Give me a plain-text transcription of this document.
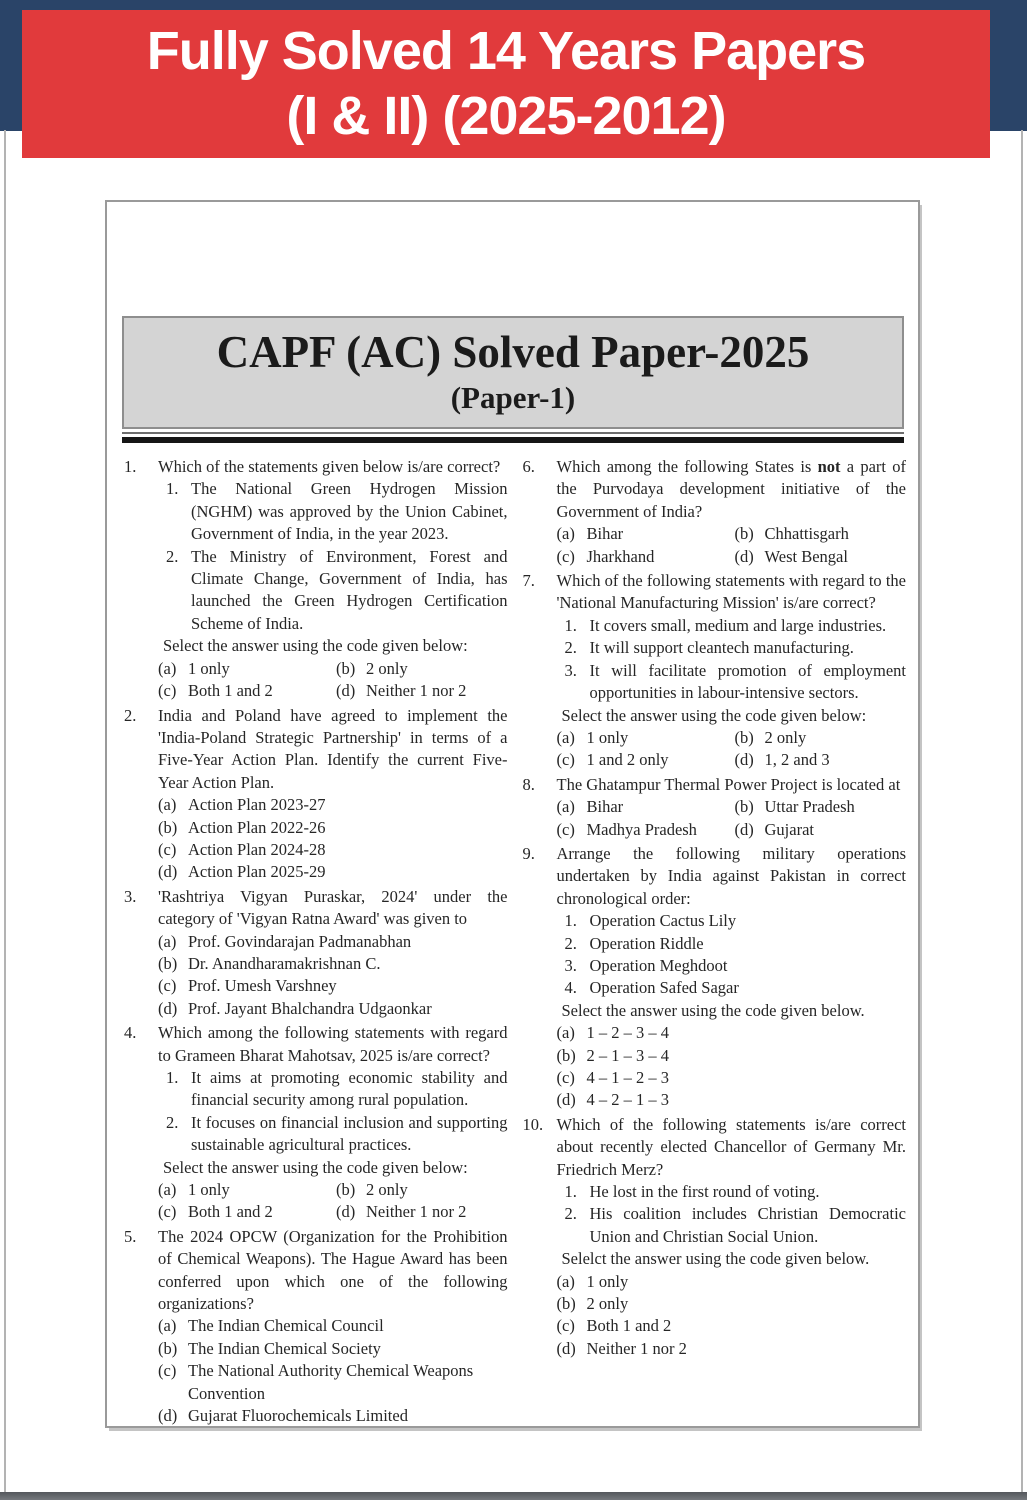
Fully Solved 14 Years Papers
(I & II) (2025-2012)
CAPF (AC) Solved Paper-2025
(Paper-1)
1.	Which of the statements given below is/are correct?
1. The National Green Hydrogen Mission (NGHM) was approved by the Union Cabinet, Government of India, in the year 2023.
2. The Ministry of Environment, Forest and Climate Change, Government of India, has launched the Green Hydrogen Certification Scheme of India.
Select the answer using the code given below:
(a) 1 only	(b) 2 only
(c) Both 1 and 2	(d) Neither 1 nor 2
2.	India and Poland have agreed to implement the 'India-Poland Strategic Partnership' in terms of a Five-Year Action Plan. Identify the current Five-Year Action Plan.
(a) Action Plan 2023-27
(b) Action Plan 2022-26
(c) Action Plan 2024-28
(d) Action Plan 2025-29
3.	'Rashtriya Vigyan Puraskar, 2024' under the category of 'Vigyan Ratna Award' was given to
(a) Prof. Govindarajan Padmanabhan
(b) Dr. Anandharamakrishnan C.
(c) Prof. Umesh Varshney
(d) Prof. Jayant Bhalchandra Udgaonkar
4.	Which among the following statements with regard to Grameen Bharat Mahotsav, 2025 is/are correct?
1. It aims at promoting economic stability and financial security among rural population.
2. It focuses on financial inclusion and supporting sustainable agricultural practices.
Select the answer using the code given below:
(a) 1 only	(b) 2 only
(c) Both 1 and 2	(d) Neither 1 nor 2
5.	The 2024 OPCW (Organization for the Prohibition of Chemical Weapons). The Hague Award has been conferred upon which one of the following organizations?
(a) The Indian Chemical Council
(b) The Indian Chemical Society
(c) The National Authority Chemical Weapons Convention
(d) Gujarat Fluorochemicals Limited
6.	Which among the following States is not a part of the Purvodaya development initiative of the Government of India?
(a) Bihar	(b) Chhattisgarh
(c) Jharkhand	(d) West Bengal
7.	Which of the following statements with regard to the 'National Manufacturing Mission' is/are correct?
1. It covers small, medium and large industries.
2. It will support cleantech manufacturing.
3. It will facilitate promotion of employment opportunities in labour-intensive sectors.
Select the answer using the code given below:
(a) 1 only	(b) 2 only
(c) 1 and 2 only	(d) 1, 2 and 3
8.	The Ghatampur Thermal Power Project is located at
(a) Bihar	(b) Uttar Pradesh
(c) Madhya Pradesh	(d) Gujarat
9.	Arrange the following military operations undertaken by India against Pakistan in correct chronological order:
1. Operation Cactus Lily
2. Operation Riddle
3. Operation Meghdoot
4. Operation Safed Sagar
Select the answer using the code given below.
(a) 1 – 2 – 3 – 4
(b) 2 – 1 – 3 – 4
(c) 4 – 1 – 2 – 3
(d) 4 – 2 – 1 – 3
10. Which of the following statements is/are correct about recently elected Chancellor of Germany Mr. Friedrich Merz?
1. He lost in the first round of voting.
2. His coalition includes Christian Democratic Union and Christian Social Union.
Selelct the answer using the code given below.
(a) 1 only
(b) 2 only
(c) Both 1 and 2
(d) Neither 1 nor 2
